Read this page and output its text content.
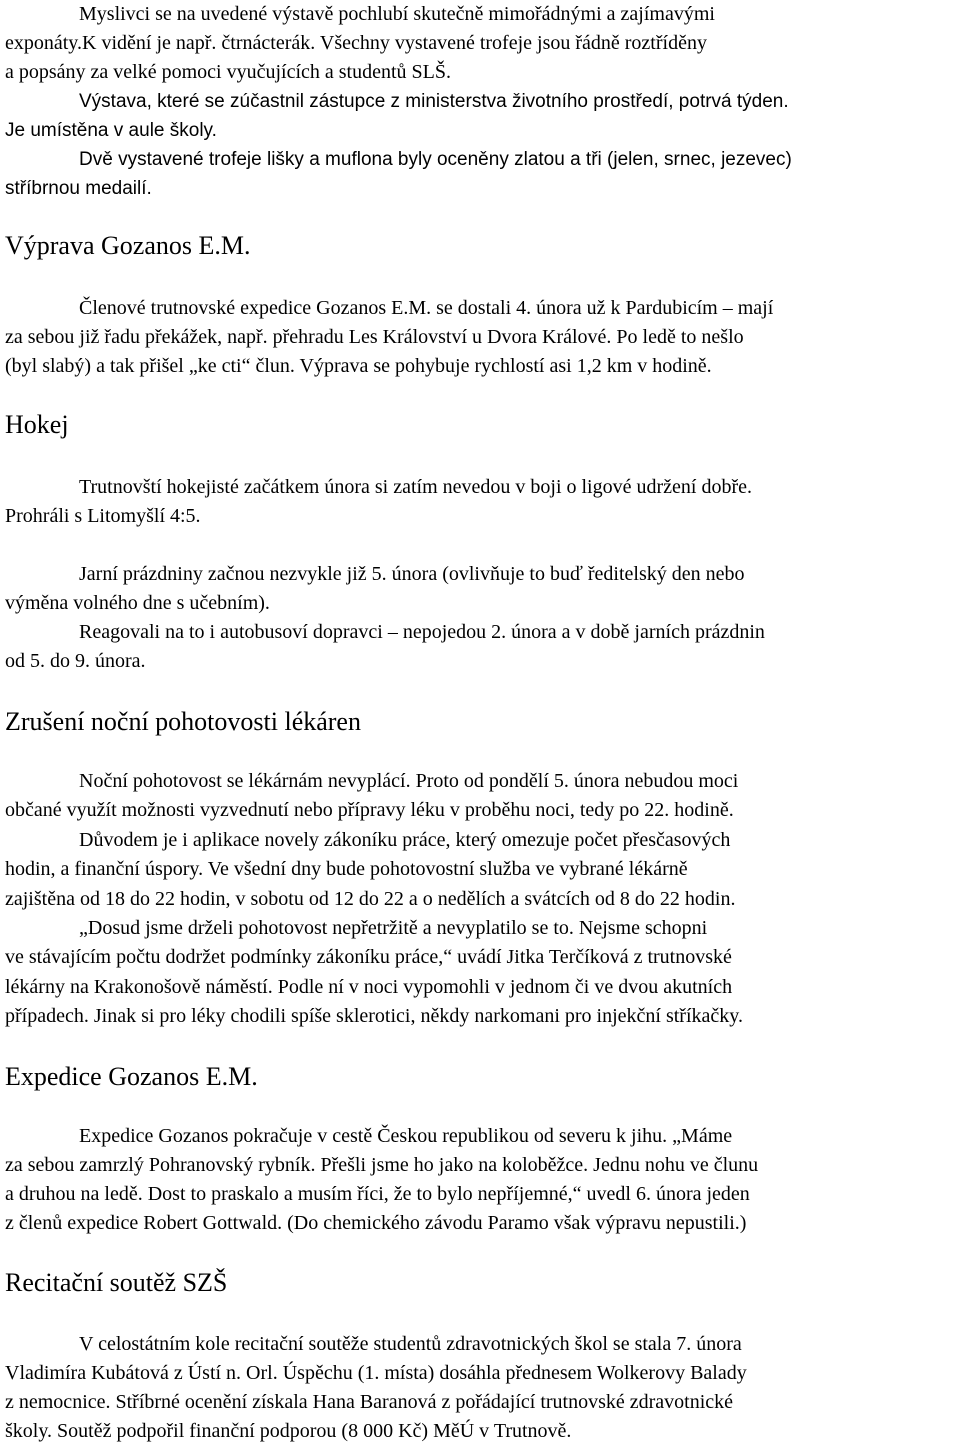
Myslivci se na uvedené výstavě pochlubí skutečně mimořádnými a zajímavými
exponáty.K vidění je např. čtrnácterák. Všechny vystavené trofeje jsou řádně roztříděny
a popsány za velké pomoci vyučujících a studentů SLŠ.
Výstava, které se zúčastnil zástupce z ministerstva životního prostředí, potrvá týden.
Je umístěna v aule školy.
Dvě vystavené trofeje lišky a muflona byly oceněny zlatou a tři (jelen, srnec, jezevec)
stříbrnou medailí.
Výprava Gozanos E.M.
Členové trutnovské expedice Gozanos E.M. se dostali 4. února už k Pardubicím – mají
za sebou již řadu překážek, např. přehradu Les Království u Dvora Králové. Po ledě to nešlo
(byl slabý) a tak přišel „ke cti“ člun. Výprava se pohybuje rychlostí asi 1,2 km v hodině.
Hokej
Trutnovští hokejisté začátkem února si zatím nevedou v boji o ligové udržení dobře.
Prohráli s Litomyšlí 4:5.
Jarní prázdniny začnou nezvykle již 5. února (ovlivňuje to buď ředitelský den nebo
výměna volného dne s učebním).
Reagovali na to i autobusoví dopravci – nepojedou 2. února a v době jarních prázdnin
od 5. do 9. února.
Zrušení noční pohotovosti lékáren
Noční pohotovost se lékárnám nevyplácí. Proto od pondělí 5. února nebudou moci
občané využít možnosti vyzvednutí nebo přípravy léku v proběhu noci, tedy po 22. hodině.
Důvodem je i aplikace novely zákoníku práce, který omezuje počet přesčasových
hodin, a finanční úspory. Ve všední dny bude pohotovostní služba ve vybrané lékárně
zajištěna od 18 do 22 hodin, v sobotu od 12 do 22 a o nedělích a svátcích od 8 do 22 hodin.
„Dosud jsme drželi pohotovost nepřetržitě a nevyplatilo se to. Nejsme schopni
ve stávajícím počtu dodržet podmínky zákoníku práce,“ uvádí Jitka Terčíková z trutnovské
lékárny na Krakonošově náměstí. Podle ní v noci vypomohli v jednom či ve dvou akutních
případech. Jinak si pro léky chodili spíše sklerotici, někdy narkomani pro injekční stříkačky.
Expedice Gozanos E.M.
Expedice Gozanos pokračuje v cestě Českou republikou od severu k jihu. „Máme
za sebou zamrzlý Pohranovský rybník. Přešli jsme ho jako na koloběžce. Jednu nohu ve člunu
a druhou na ledě. Dost to praskalo a musím říci, že to bylo nepříjemné,“ uvedl 6. února jeden
z členů expedice Robert Gottwald. (Do chemického závodu Paramo však výpravu nepustili.)
Recitační soutěž SZŠ
V celostátním kole recitační soutěže studentů zdravotnických škol se stala 7. února
Vladimíra Kubátová z Ústí n. Orl. Úspěchu (1. místa) dosáhla přednesem Wolkerovy Balady
z nemocnice. Stříbrné ocenění získala Hana Baranová z pořádající trutnovské zdravotnické
školy. Soutěž podpořil finanční podporou (8 000 Kč) MěÚ v Trutnově.
